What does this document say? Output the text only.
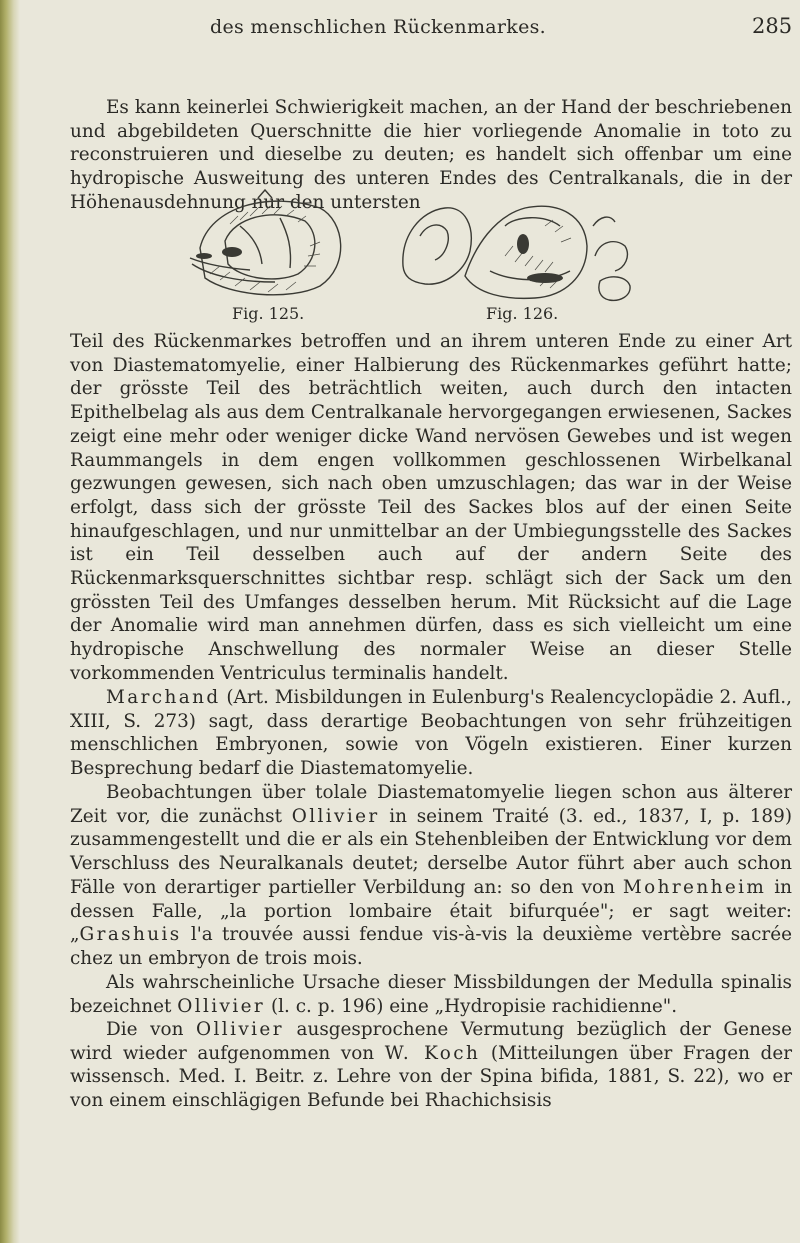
des menschlichen Rückenmarkes.	285

Es kann keinerlei Schwierigkeit machen, an der Hand der beschriebenen und abgebildeten Querschnitte die hier vorliegende Anomalie in toto zu reconstruieren und dieselbe zu deuten; es handelt sich offenbar um eine hydropische Ausweitung des unteren Endes des Centralkanals, die in der Höhenausdehnung nur den untersten

Fig. 125.	Fig. 126.

Teil des Rückenmarkes betroffen und an ihrem unteren Ende zu einer Art von Diastematomyelie, einer Halbierung des Rückenmarkes geführt hatte; der grösste Teil des beträchtlich weiten, auch durch den intacten Epithelbelag als aus dem Centralkanale hervorgegangen erwiesenen, Sackes zeigt eine mehr oder weniger dicke Wand nervösen Gewebes und ist wegen Raummangels in dem engen vollkommen geschlossenen Wirbelkanal gezwungen gewesen, sich nach oben umzuschlagen; das war in der Weise erfolgt, dass sich der grösste Teil des Sackes blos auf der einen Seite hinaufgeschlagen, und nur unmittelbar an der Umbiegungsstelle des Sackes ist ein Teil desselben auch auf der andern Seite des Rückenmarksquerschnittes sichtbar resp. schlägt sich der Sack um den grössten Teil des Umfanges desselben herum. Mit Rücksicht auf die Lage der Anomalie wird man annehmen dürfen, dass es sich vielleicht um eine hydropische Anschwellung des normaler Weise an dieser Stelle vorkommenden Ventriculus terminalis handelt.

Marchand (Art. Misbildungen in Eulenburg's Realencyclopädie 2. Aufl., XIII, S. 273) sagt, dass derartige Beobachtungen von sehr frühzeitigen menschlichen Embryonen, sowie von Vögeln existieren. Einer kurzen Besprechung bedarf die Diastematomyelie.

Beobachtungen über tolale Diastematomyelie liegen schon aus älterer Zeit vor, die zunächst Ollivier in seinem Traité (3. ed., 1837, I, p. 189) zusammengestellt und die er als ein Stehenbleiben der Entwicklung vor dem Verschluss des Neuralkanals deutet; derselbe Autor führt aber auch schon Fälle von derartiger partieller Verbildung an: so den von Mohrenheim in dessen Falle, „la portion lombaire était bifurquée"; er sagt weiter: „Grashuis l'a trouvée aussi fendue vis-à-vis la deuxième vertèbre sacrée chez un embryon de trois mois.

Als wahrscheinliche Ursache dieser Missbildungen der Medulla spinalis bezeichnet Ollivier (l. c. p. 196) eine „Hydropisie rachidienne".

Die von Ollivier ausgesprochene Vermutung bezüglich der Genese wird wieder aufgenommen von W. Koch (Mitteilungen über Fragen der wissensch. Med. I. Beitr. z. Lehre von der Spina bifida, 1881, S. 22), wo er von einem einschlägigen Befunde bei Rhachichsisis
